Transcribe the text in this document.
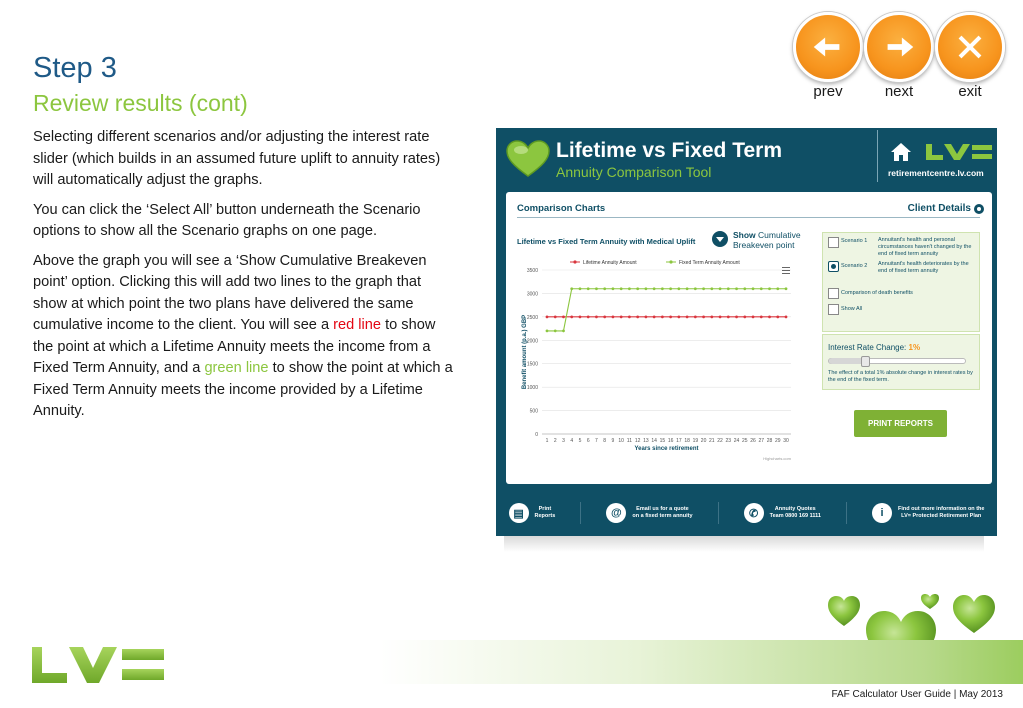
Step 3
Review results (cont)

Selecting different scenarios and/or adjusting the interest rate slider (which builds in an assumed future uplift to annuity rates) will automatically adjust the graphs.

You can click the ‘Select All’ button underneath the Scenario options to show all the Scenario graphs on one page.

Above the graph you will see a ‘Show Cumulative Breakeven point’ option. Clicking this will add two lines to the graph that show at which point the two plans have delivered the same cumulative income to the client. You will see a red line to show the point at which a Lifetime Annuity meets the income from a Fixed Term Annuity, and a green line to show the point at which a Fixed Term Annuity meets the income provided by a Lifetime Annuity.

prev	next	exit
Lifetime vs Fixed Term
Annuity Comparison Tool	retirementcentre.lv.com
Comparison Charts	Client Details
Lifetime vs Fixed Term Annuity with Medical Uplift
Show Cumulative
Breakeven point
Lifetime Annuity Amount	Fixed Term Annuity Amount
0
500
1000
1500
2000
2500
3000
3500
1 2 3 4 5 6 7 8 9 10 11 12 13 14 15 16 17 18 19 20 21 22 23 24 25 26 27 28 29 30
Years since retirement
Benefit amount (p.a.) GBP
Highcharts.com
Scenario 1 Annuitant's health and personal circumstances haven't changed by the end of fixed term annuity
Scenario 2 Annuitant's health deteriorates by the end of fixed term annuity
Comparison of death benefits
Show All
Interest Rate Change: 1%
The effect of a total 1% absolute change in interest rates by the end of the fixed term.
PRINT REPORTS
▤	Print
Reports	@	Email us for a quote
on a fixed term annuity	✆	Annuity Quotes
Team 0800 169 1111	i	Find out more information on the
LV= Protected Retirement Plan
FAF Calculator User Guide | May 2013
